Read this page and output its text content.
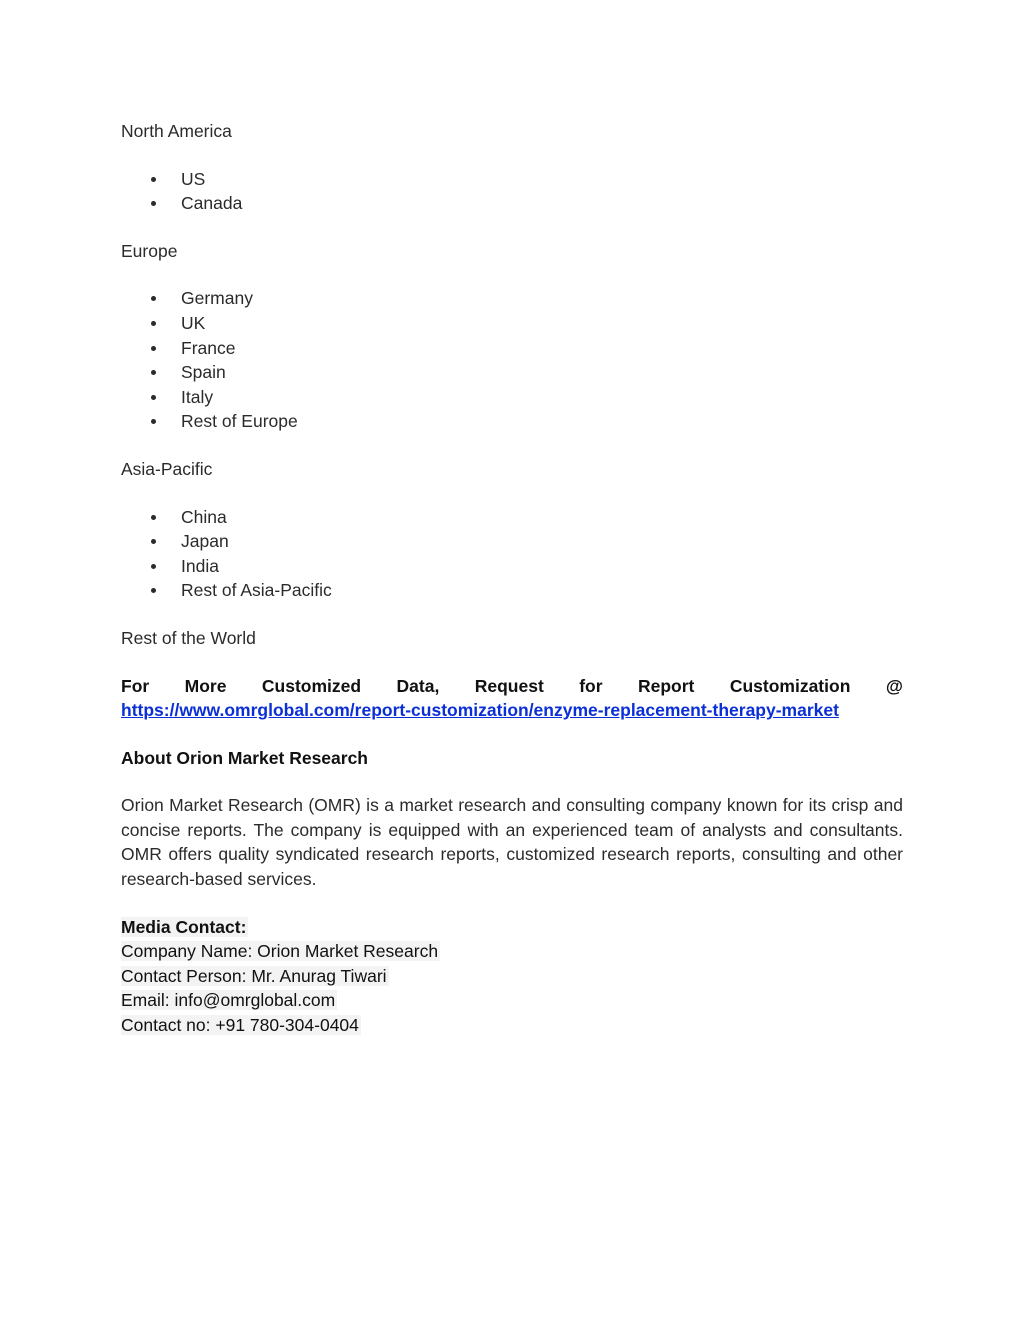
North America

US
Canada

Europe

Germany
UK
France
Spain
Italy
Rest of Europe

Asia-Pacific

China
Japan
India
Rest of Asia-Pacific

Rest of the World

For More Customized Data, Request for Report Customization @
https://www.omrglobal.com/report-customization/enzyme-replacement-therapy-market

About Orion Market Research

Orion Market Research (OMR) is a market research and consulting company known for its crisp and concise reports. The company is equipped with an experienced team of analysts and consultants. OMR offers quality syndicated research reports, customized research reports, consulting and other research-based services.

Media Contact:
Company Name: Orion Market Research
Contact Person: Mr. Anurag Tiwari
Email: info@omrglobal.com
Contact no: +91 780-304-0404
